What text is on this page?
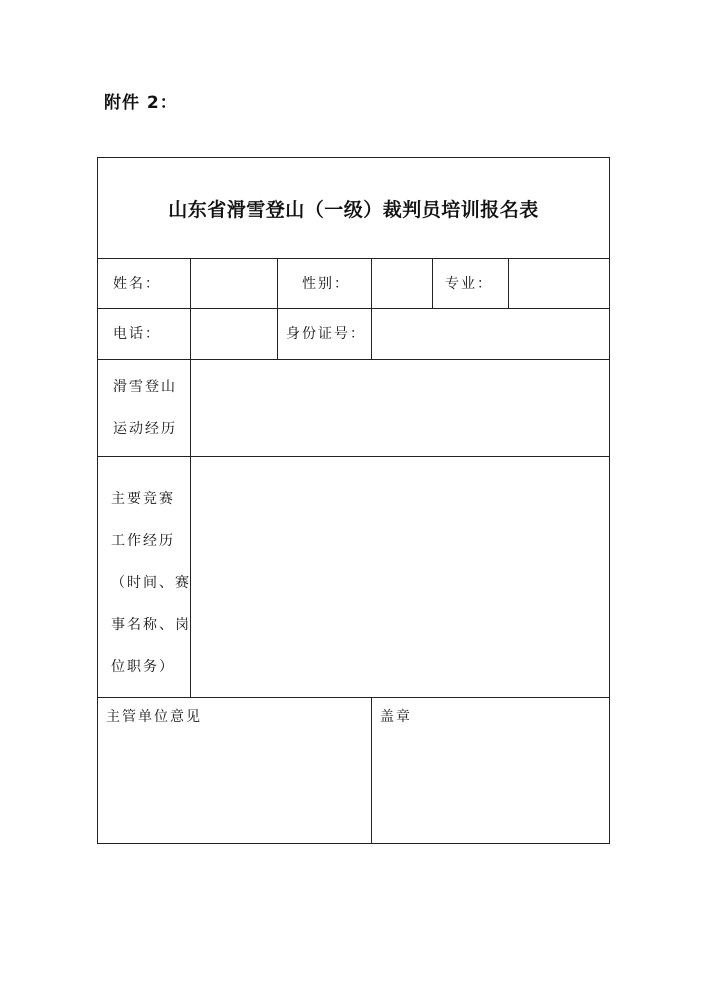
附件 2：
山东省滑雪登山（一级）裁判员培训报名表
姓名：	性别：	专业：
电话：	身份证号：
滑雪登山
运动经历
主要竞赛
工作经历
（时间、赛
事名称、岗
位职务）
主管单位意见	盖章
